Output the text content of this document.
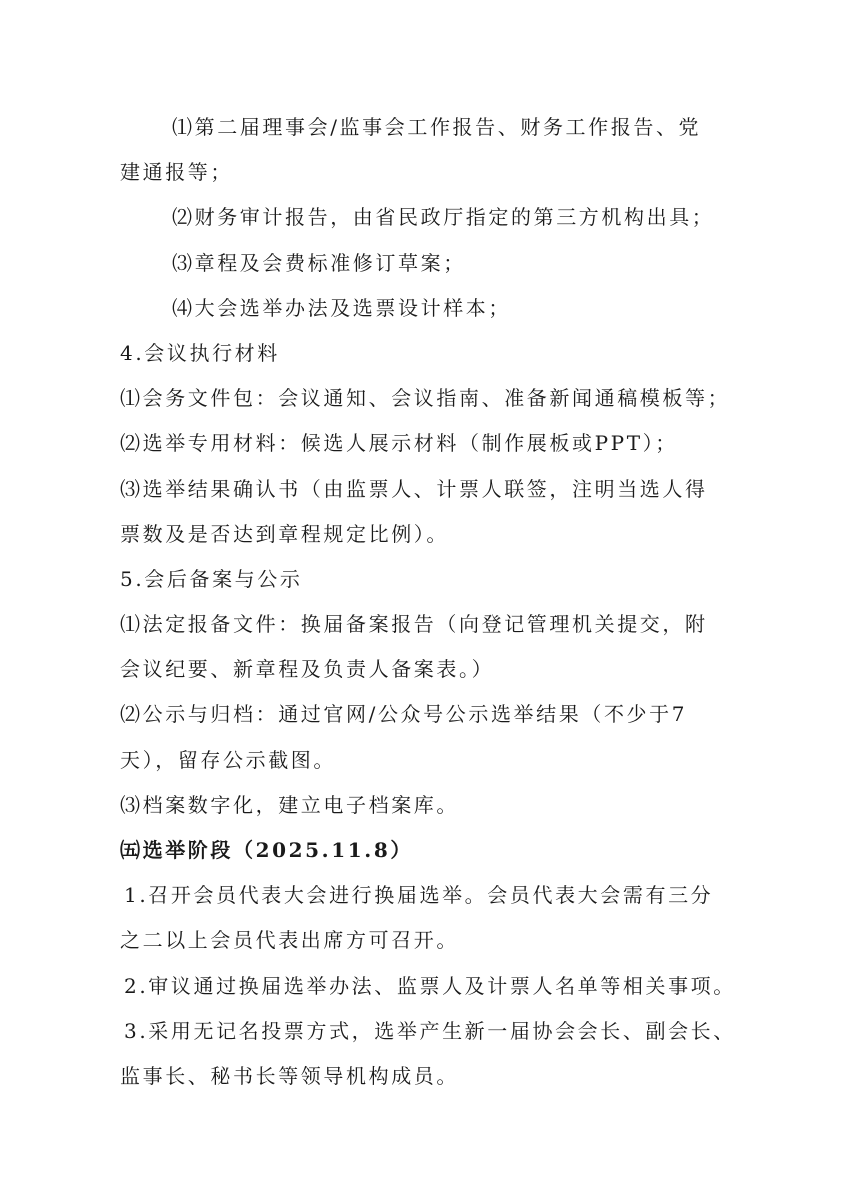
⑴第二届理事会/监事会工作报告、财务工作报告、党
建通报等；
⑵财务审计报告，由省民政厅指定的第三方机构出具；
⑶章程及会费标准修订草案；
⑷大会选举办法及选票设计样本；
4.会议执行材料
⑴会务文件包：会议通知、会议指南、准备新闻通稿模板等；
⑵选举专用材料：候选人展示材料（制作展板或PPT）；
⑶选举结果确认书（由监票人、计票人联签，注明当选人得
票数及是否达到章程规定比例）。
5.会后备案与公示
⑴法定报备文件：换届备案报告（向登记管理机关提交，附
会议纪要、新章程及负责人备案表。）
⑵公示与归档：通过官网/公众号公示选举结果（不少于7
天），留存公示截图。
⑶档案数字化，建立电子档案库。
㈤选举阶段（2025.11.8）
1.召开会员代表大会进行换届选举。会员代表大会需有三分
之二以上会员代表出席方可召开。
2.审议通过换届选举办法、监票人及计票人名单等相关事项。
3.采用无记名投票方式，选举产生新一届协会会长、副会长、
监事长、秘书长等领导机构成员。
